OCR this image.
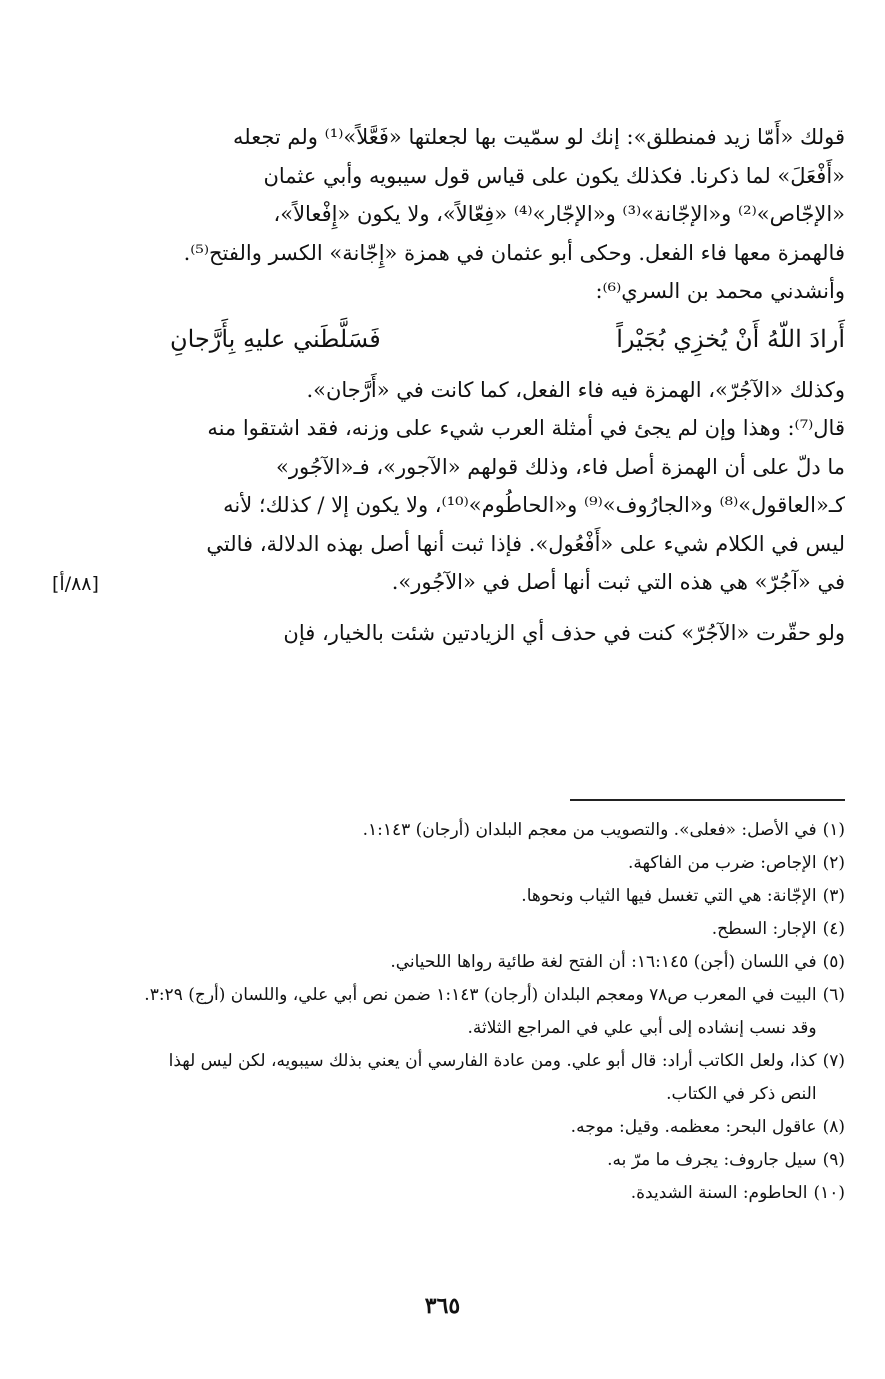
قولك «أَمّا زيد فمنطلق»: إنك لو سمّيت بها لجعلتها «فَعَّلاً»⁽¹⁾ ولم تجعله
«أَفْعَلَ» لما ذكرنا. فكذلك يكون على قياس قول سيبويه وأبي عثمان
«الإجّاص»⁽²⁾ و«الإجّانة»⁽³⁾ و«الإجّار»⁽⁴⁾ «فِعّالاً»، ولا يكون «إِفْعالاً»،
فالهمزة معها فاء الفعل. وحكى أبو عثمان في همزة «إِجّانة» الكسر والفتح⁽⁵⁾.
وأنشدني محمد بن السري⁽⁶⁾:

أَرادَ اللّهُ أَنْ يُخزِي بُجَيْراً
فَسَلَّطَني عليهِ بِأَرَّجانِ

وكذلك «الآجُرّ»، الهمزة فيه فاء الفعل، كما كانت في «أَرَّجان».
قال⁽⁷⁾: وهذا وإن لم يجئ في أمثلة العرب شيء على وزنه، فقد اشتقوا منه
ما دلّ على أن الهمزة أصل فاء، وذلك قولهم «الآجور»، فـ«الآجُور»
كـ«العاقول»⁽⁸⁾ و«الجارُوف»⁽⁹⁾ و«الحاطُوم»⁽¹⁰⁾، ولا يكون إلا / كذلك؛ لأنه
ليس في الكلام شيء على «أَفْعُول». فإذا ثبت أنها أصل بهذه الدلالة، فالتي
في «آجُرّ» هي هذه التي ثبت أنها أصل في «الآجُور».

ولو حقّرت «الآجُرّ» كنت في حذف أي الزيادتين شئت بالخيار، فإن

[٨٨/أ]
(١)
في الأصل: «فعلى». والتصويب من معجم البلدان (أرجان) ١:١٤٣.
(٢)
الإجاص: ضرب من الفاكهة.
(٣)
الإجّانة: هي التي تغسل فيها الثياب ونحوها.
(٤)
الإجار: السطح.
(٥)
في اللسان (أجن) ١٦:١٤٥: أن الفتح لغة طائية رواها اللحياني.
(٦)
البيت في المعرب ص٧٨ ومعجم البلدان (أرجان) ١:١٤٣ ضمن نص أبي علي، واللسان (أرج) ٣:٢٩. وقد نسب إنشاده إلى أبي علي في المراجع الثلاثة.
(٧)
كذا، ولعل الكاتب أراد: قال أبو علي. ومن عادة الفارسي أن يعني بذلك سيبويه، لكن ليس لهذا النص ذكر في الكتاب.
(٨)
عاقول البحر: معظمه. وقيل: موجه.
(٩)
سيل جاروف: يجرف ما مرّ به.
(١٠)
الحاطوم: السنة الشديدة.
٣٦٥
